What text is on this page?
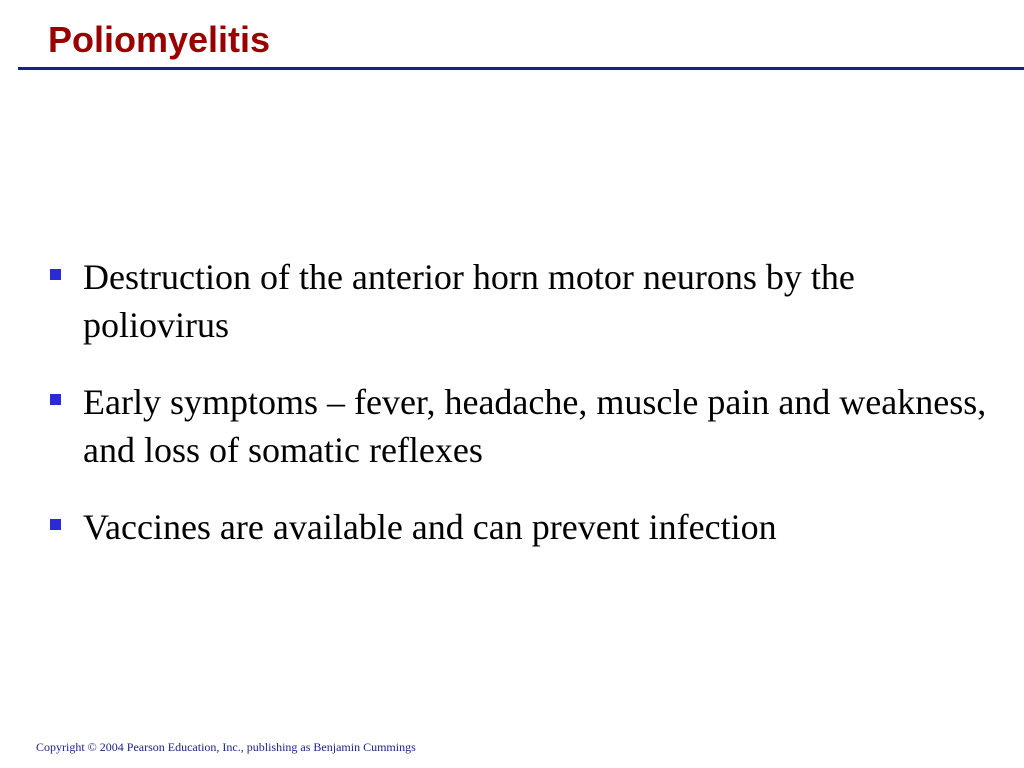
Poliomyelitis
Destruction of the anterior horn motor neurons by the poliovirus
Early symptoms – fever, headache, muscle pain and weakness, and loss of somatic reflexes
Vaccines are available and can prevent infection

Copyright © 2004 Pearson Education, Inc., publishing as Benjamin Cummings
